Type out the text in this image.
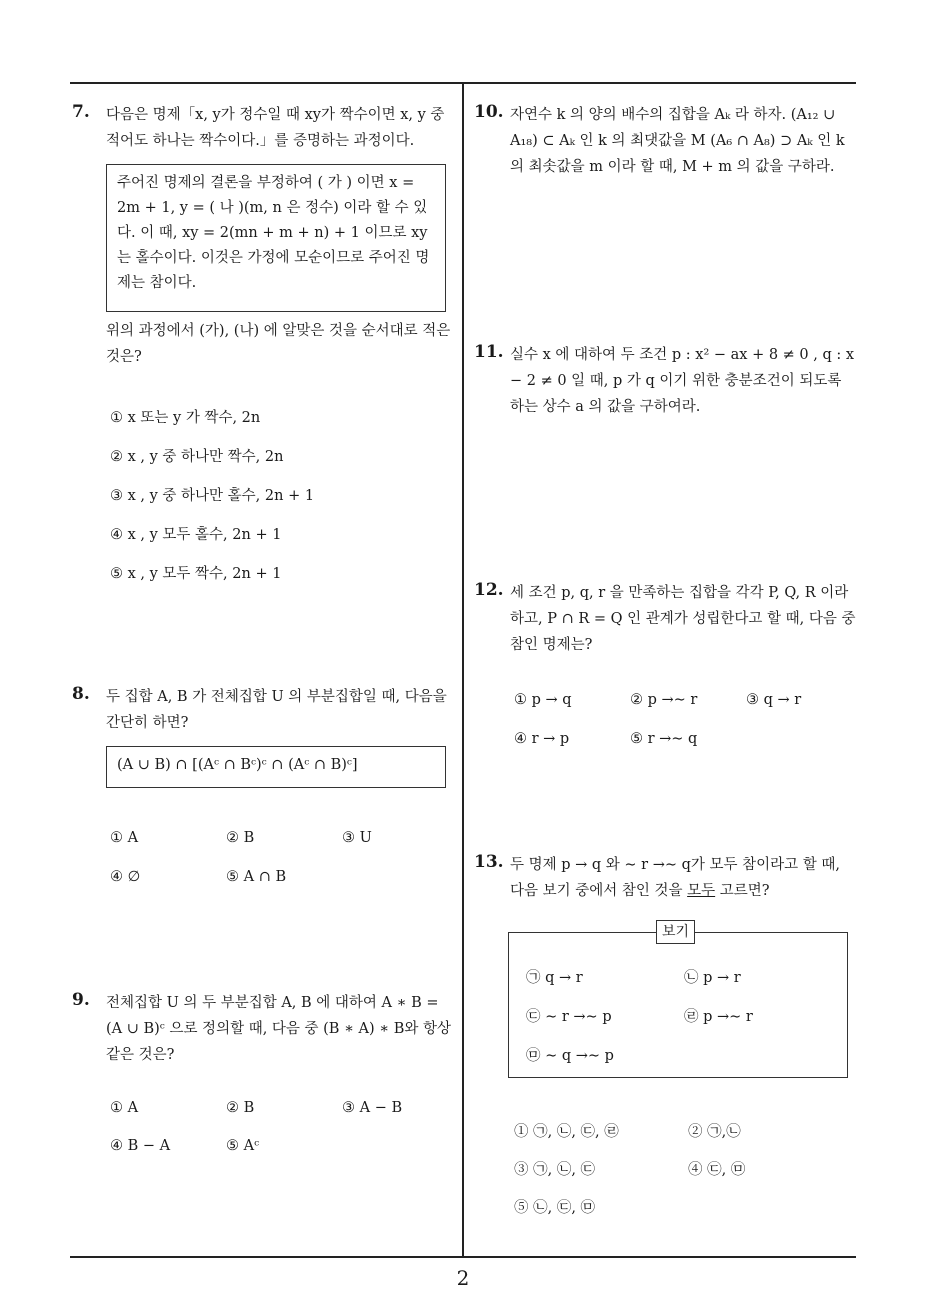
7. 다음은 명제「x, y가 정수일 때 xy가 짝수이면 x, y 중 적어도 하나는 짝수이다.」를 증명하는 과정이다.
주어진 명제의 결론을 부정하여 ( 가 ) 이면 x = 2m + 1, y = ( 나 )(m, n 은 정수) 이라 할 수 있다. 이 때, xy = 2(mn + m + n) + 1 이므로 xy 는 홀수이다. 이것은 가정에 모순이므로 주어진 명제는 참이다.
위의 과정에서 (가), (나) 에 알맞은 것을 순서대로 적은 것은?
① x 또는 y 가 짝수, 2n
② x , y 중 하나만 짝수, 2n
③ x , y 중 하나만 홀수, 2n + 1
④ x , y 모두 홀수, 2n + 1
⑤ x , y 모두 짝수, 2n + 1
8. 두 집합 A, B 가 전체집합 U 의 부분집합일 때, 다음을 간단히 하면?
(A ∪ B) ∩ [(Aᶜ ∩ Bᶜ)ᶜ ∩ (Aᶜ ∩ B)ᶜ]
① A	② B	③ U
④ ∅	⑤ A ∩ B
9. 전체집합 U 의 두 부분집합 A, B 에 대하여 A ∗ B = (A ∪ B)ᶜ 으로 정의할 때, 다음 중 (B ∗ A) ∗ B와 항상 같은 것은?
① A	② B	③ A − B
④ B − A	⑤ Aᶜ
10. 자연수 k 의 양의 배수의 집합을 Aₖ 라 하자. (A₁₂ ∪ A₁₈) ⊂ Aₖ 인 k 의 최댓값을 M (A₆ ∩ A₈) ⊃ Aₖ 인 k 의 최솟값을 m 이라 할 때, M + m 의 값을 구하라.
11. 실수 x 에 대하여 두 조건 p : x² − ax + 8 ≠ 0 , q : x − 2 ≠ 0 일 때, p 가 q 이기 위한 충분조건이 되도록 하는 상수 a 의 값을 구하여라.
12. 세 조건 p, q, r 을 만족하는 집합을 각각 P, Q, R 이라 하고, P ∩ R = Q 인 관계가 성립한다고 할 때, 다음 중 참인 명제는?
① p → q	② p →∼ r	③ q → r
④ r → p	⑤ r →∼ q
13. 두 명제 p → q 와 ∼ r →∼ q가 모두 참이라고 할 때, 다음 보기 중에서 참인 것을 모두 고르면?
보기
㉠ q → r	㉡ p → r
㉢ ∼ r →∼ p	㉣ p →∼ r
㉤ ∼ q →∼ p
① ㉠, ㉡, ㉢, ㉣	② ㉠,㉡
③ ㉠, ㉡, ㉢	④ ㉢, ㉤
⑤ ㉡, ㉢, ㉤
2
